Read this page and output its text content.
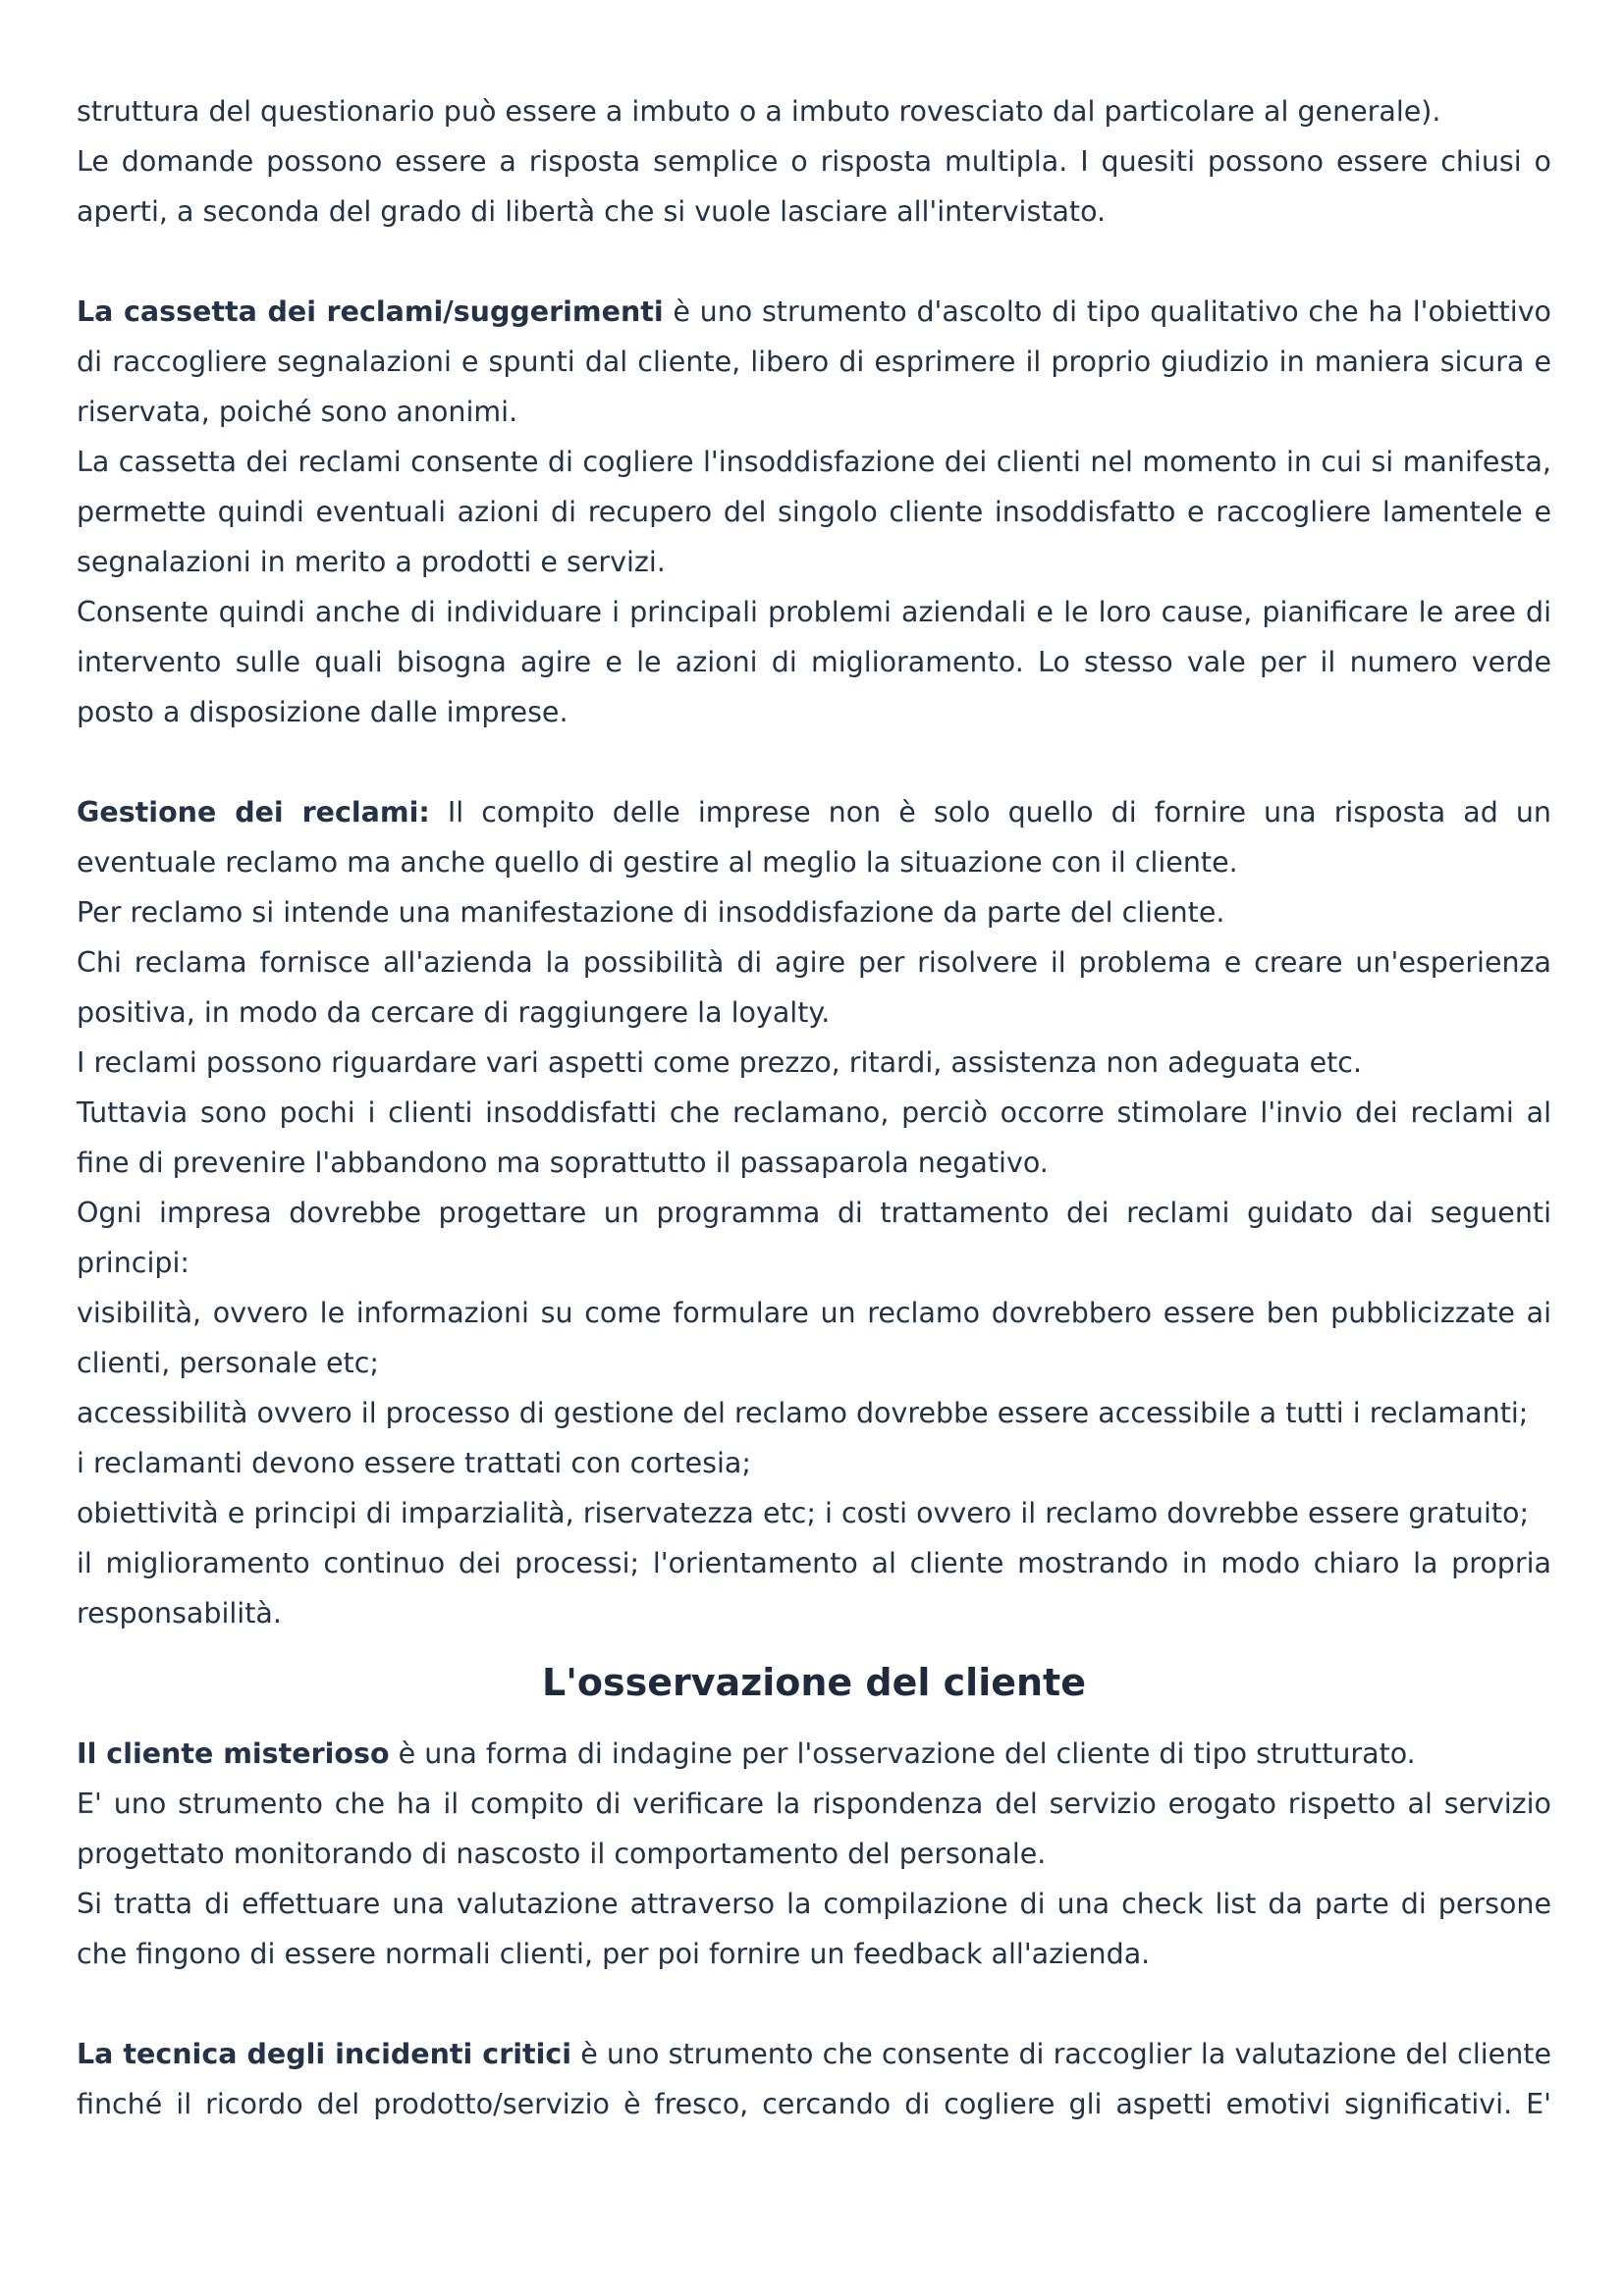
struttura del questionario può essere a imbuto o a imbuto rovesciato dal particolare al generale).

Le domande possono essere a risposta semplice o risposta multipla. I quesiti possono essere chiusi o aperti, a seconda del grado di libertà che si vuole lasciare all'intervistato.

La cassetta dei reclami/suggerimenti è uno strumento d'ascolto di tipo qualitativo che ha l'obiettivo di raccogliere segnalazioni e spunti dal cliente, libero di esprimere il proprio giudizio in maniera sicura e riservata, poiché sono anonimi.

La cassetta dei reclami consente di cogliere l'insoddisfazione dei clienti nel momento in cui si manifesta, permette quindi eventuali azioni di recupero del singolo cliente insoddisfatto e raccogliere lamentele e segnalazioni in merito a prodotti e servizi.

Consente quindi anche di individuare i principali problemi aziendali e le loro cause, pianificare le aree di intervento sulle quali bisogna agire e le azioni di miglioramento. Lo stesso vale per il numero verde posto a disposizione dalle imprese.

Gestione dei reclami: Il compito delle imprese non è solo quello di fornire una risposta ad un eventuale reclamo ma anche quello di gestire al meglio la situazione con il cliente.

Per reclamo si intende una manifestazione di insoddisfazione da parte del cliente.

Chi reclama fornisce all'azienda la possibilità di agire per risolvere il problema e creare un'esperienza positiva, in modo da cercare di raggiungere la loyalty.

I reclami possono riguardare vari aspetti come prezzo, ritardi, assistenza non adeguata etc.

Tuttavia sono pochi i clienti insoddisfatti che reclamano, perciò occorre stimolare l'invio dei reclami al fine di prevenire l'abbandono ma soprattutto il passaparola negativo.

Ogni impresa dovrebbe progettare un programma di trattamento dei reclami guidato dai seguenti principi:

visibilità, ovvero le informazioni su come formulare un reclamo dovrebbero essere ben pubblicizzate ai clienti, personale etc;

accessibilità ovvero il processo di gestione del reclamo dovrebbe essere accessibile a tutti i reclamanti;

i reclamanti devono essere trattati con cortesia;

obiettività e principi di imparzialità, riservatezza etc; i costi ovvero il reclamo dovrebbe essere gratuito;

il miglioramento continuo dei processi; l'orientamento al cliente mostrando in modo chiaro la propria responsabilità.

L'osservazione del cliente

Il cliente misterioso è una forma di indagine per l'osservazione del cliente di tipo strutturato.

E' uno strumento che ha il compito di verificare la rispondenza del servizio erogato rispetto al servizio progettato monitorando di nascosto il comportamento del personale.

Si tratta di effettuare una valutazione attraverso la compilazione di una check list da parte di persone che fingono di essere normali clienti, per poi fornire un feedback all'azienda.

La tecnica degli incidenti critici è uno strumento che consente di raccoglier la valutazione del cliente finché il ricordo del prodotto/servizio è fresco, cercando di cogliere gli aspetti emotivi significativi. E'
